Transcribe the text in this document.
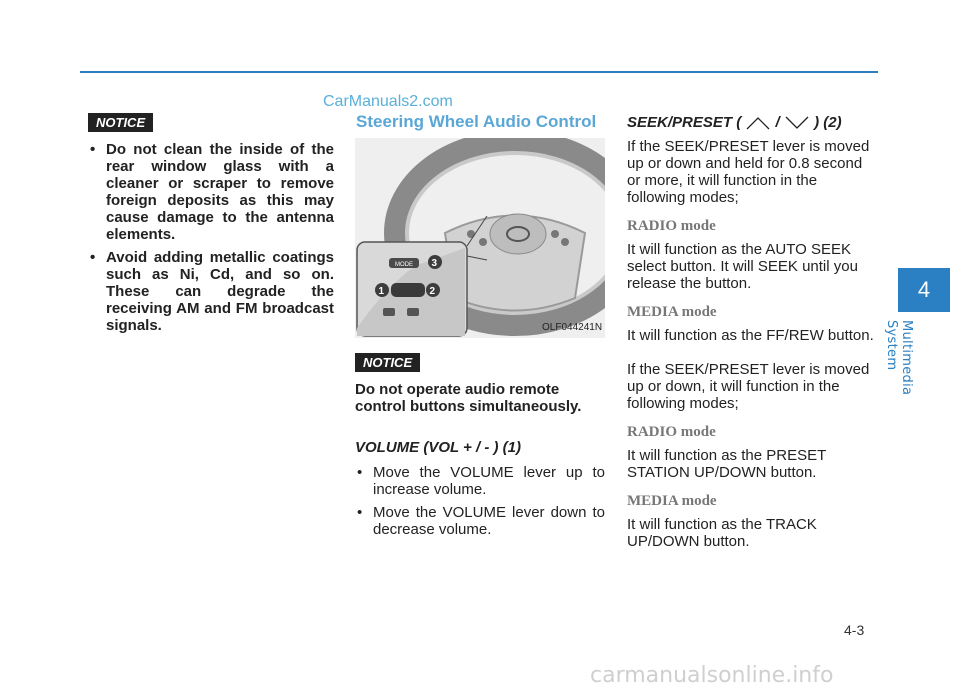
CarManuals2.com
NOTICE
• Do not clean the inside of the rear window glass with a cleaner or scraper to remove foreign deposits as this may cause damage to the antenna elements.
• Avoid adding metallic coatings such as Ni, Cd, and so on. These can degrade the receiving AM and FM broadcast signals.

Steering Wheel Audio Control

MODE 3
1	2
OLF044241N
NOTICE

Do not operate audio remote control buttons simultaneously.

VOLUME (VOL + / - ) (1)

• Move the VOLUME lever up to increase volume.
• Move the VOLUME lever down to decrease volume.

SEEK/PRESET ( / ) (2)

If the SEEK/PRESET lever is moved up or down and held for 0.8 second or more, it will function in the following modes;

RADIO mode

It will function as the AUTO SEEK select button. It will SEEK until you release the button.

MEDIA mode

It will function as the FF/REW button.

If the SEEK/PRESET lever is moved up or down, it will function in the following modes;

RADIO mode

It will function as the PRESET STATION UP/DOWN button.

MEDIA mode

It will function as the TRACK UP/DOWN button.

4
Multimedia System
4-3
carmanualsonline.info
